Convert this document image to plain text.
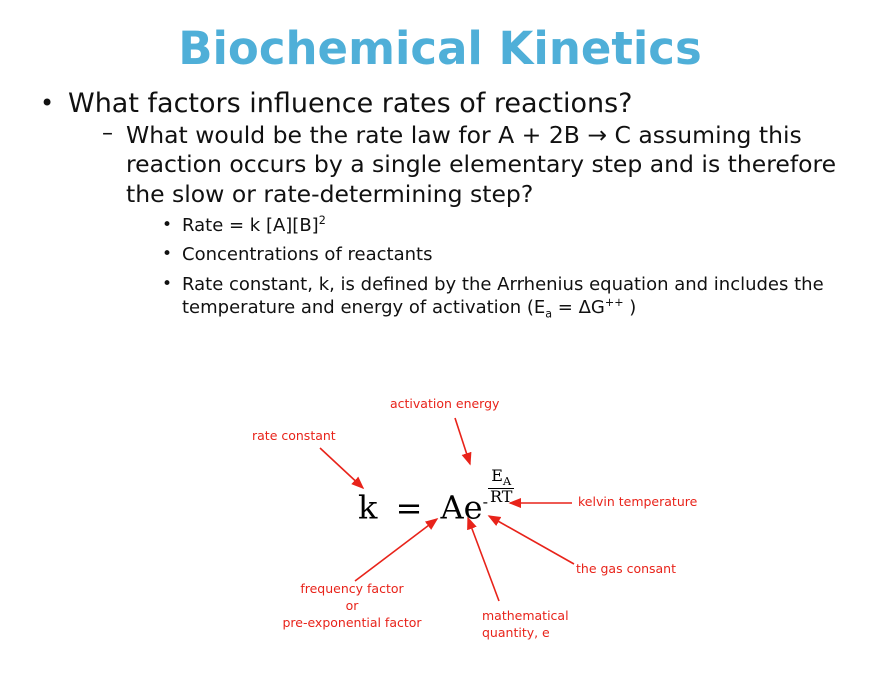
Biochemical Kinetics
• What factors influence rates of reactions?
– What would be the rate law for A + 2B → C assuming this reaction occurs by a single elementary step and is therefore the slow or rate-determining step?
• Rate = k $[A][B]^2$
• Concentrations of reactants
• Rate constant, k, is defined by the Arrhenius equation and includes the temperature and energy of activation ($E_a = \Delta G^{++}$ )
$k = Ae- \frac{E_A}{RT}$
activation energy
rate constant
kelvin temperature
the gas consant
frequency factor
or
pre-exponential factor	mathematical
quantity, e
